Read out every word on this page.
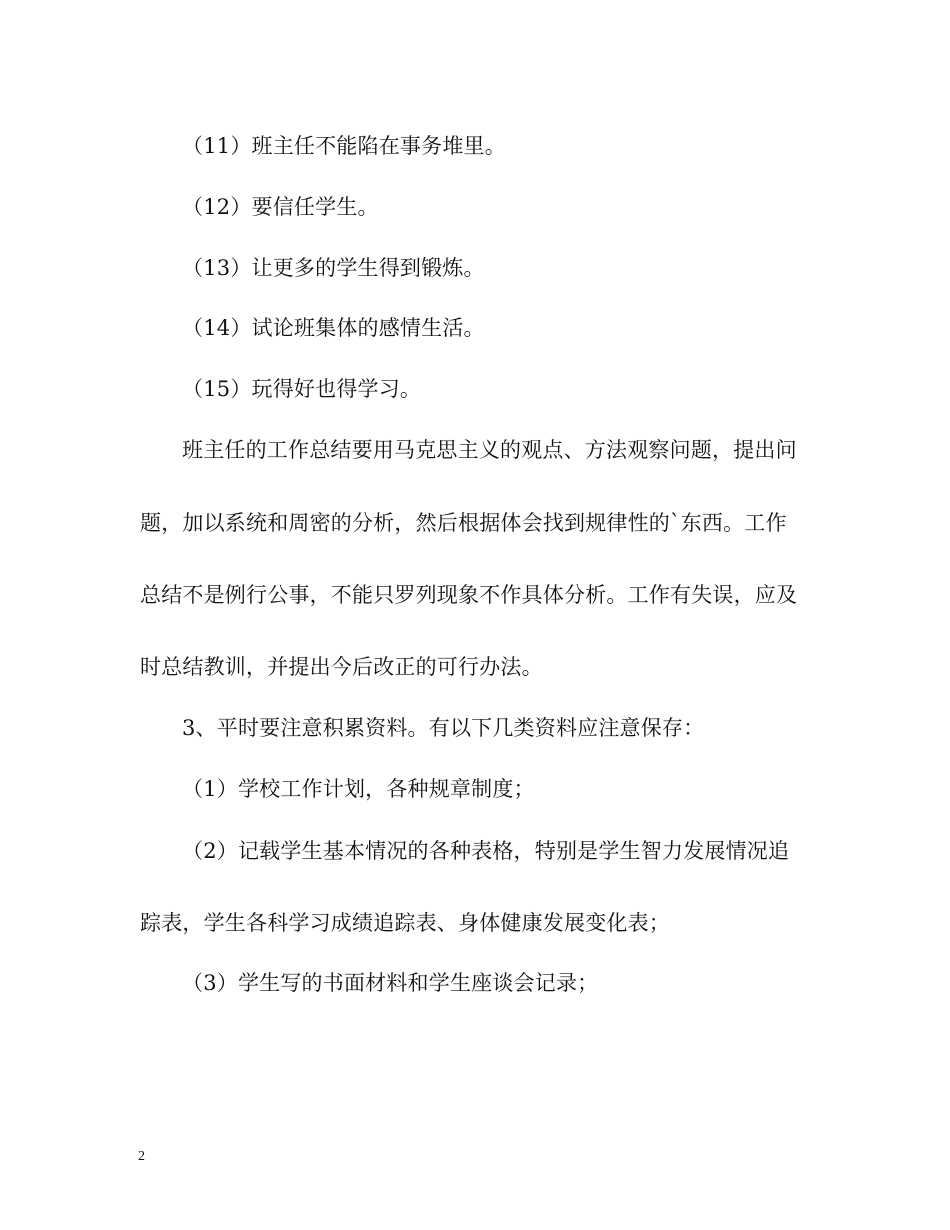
（11）班主任不能陷在事务堆里。
（12）要信任学生。
（13）让更多的学生得到锻炼。
（14）试论班集体的感情生活。
（15）玩得好也得学习。
班主任的工作总结要用马克思主义的观点、方法观察问题，提出问
题，加以系统和周密的分析，然后根据体会找到规律性的`东西。工作
总结不是例行公事，不能只罗列现象不作具体分析。工作有失误，应及
时总结教训，并提出今后改正的可行办法。
3、平时要注意积累资料。有以下几类资料应注意保存：
（1）学校工作计划，各种规章制度；
（2）记载学生基本情况的各种表格，特别是学生智力发展情况追
踪表，学生各科学习成绩追踪表、身体健康发展变化表；
（3）学生写的书面材料和学生座谈会记录；
2
